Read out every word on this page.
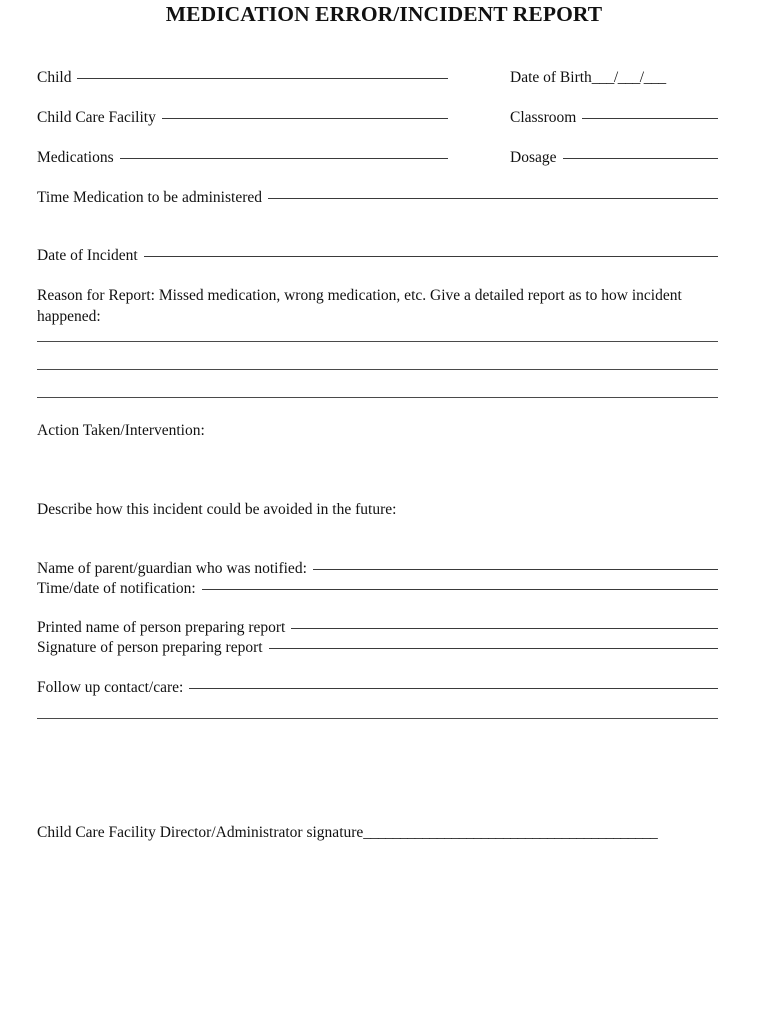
MEDICATION ERROR/INCIDENT REPORT
Child	Date of Birth ___/___/___
Child Care Facility	Classroom
Medications	Dosage
Time Medication to be administered
Date of Incident
Reason for Report: Missed medication, wrong medication, etc. Give a detailed report as to how incident happened:
Action Taken/Intervention:
Describe how this incident could be avoided in the future:
Name of parent/guardian who was notified:
Time/date of notification:
Printed name of person preparing report
Signature of person preparing report
Follow up contact/care:
Child Care Facility Director/Administrator signature ________________________________________
